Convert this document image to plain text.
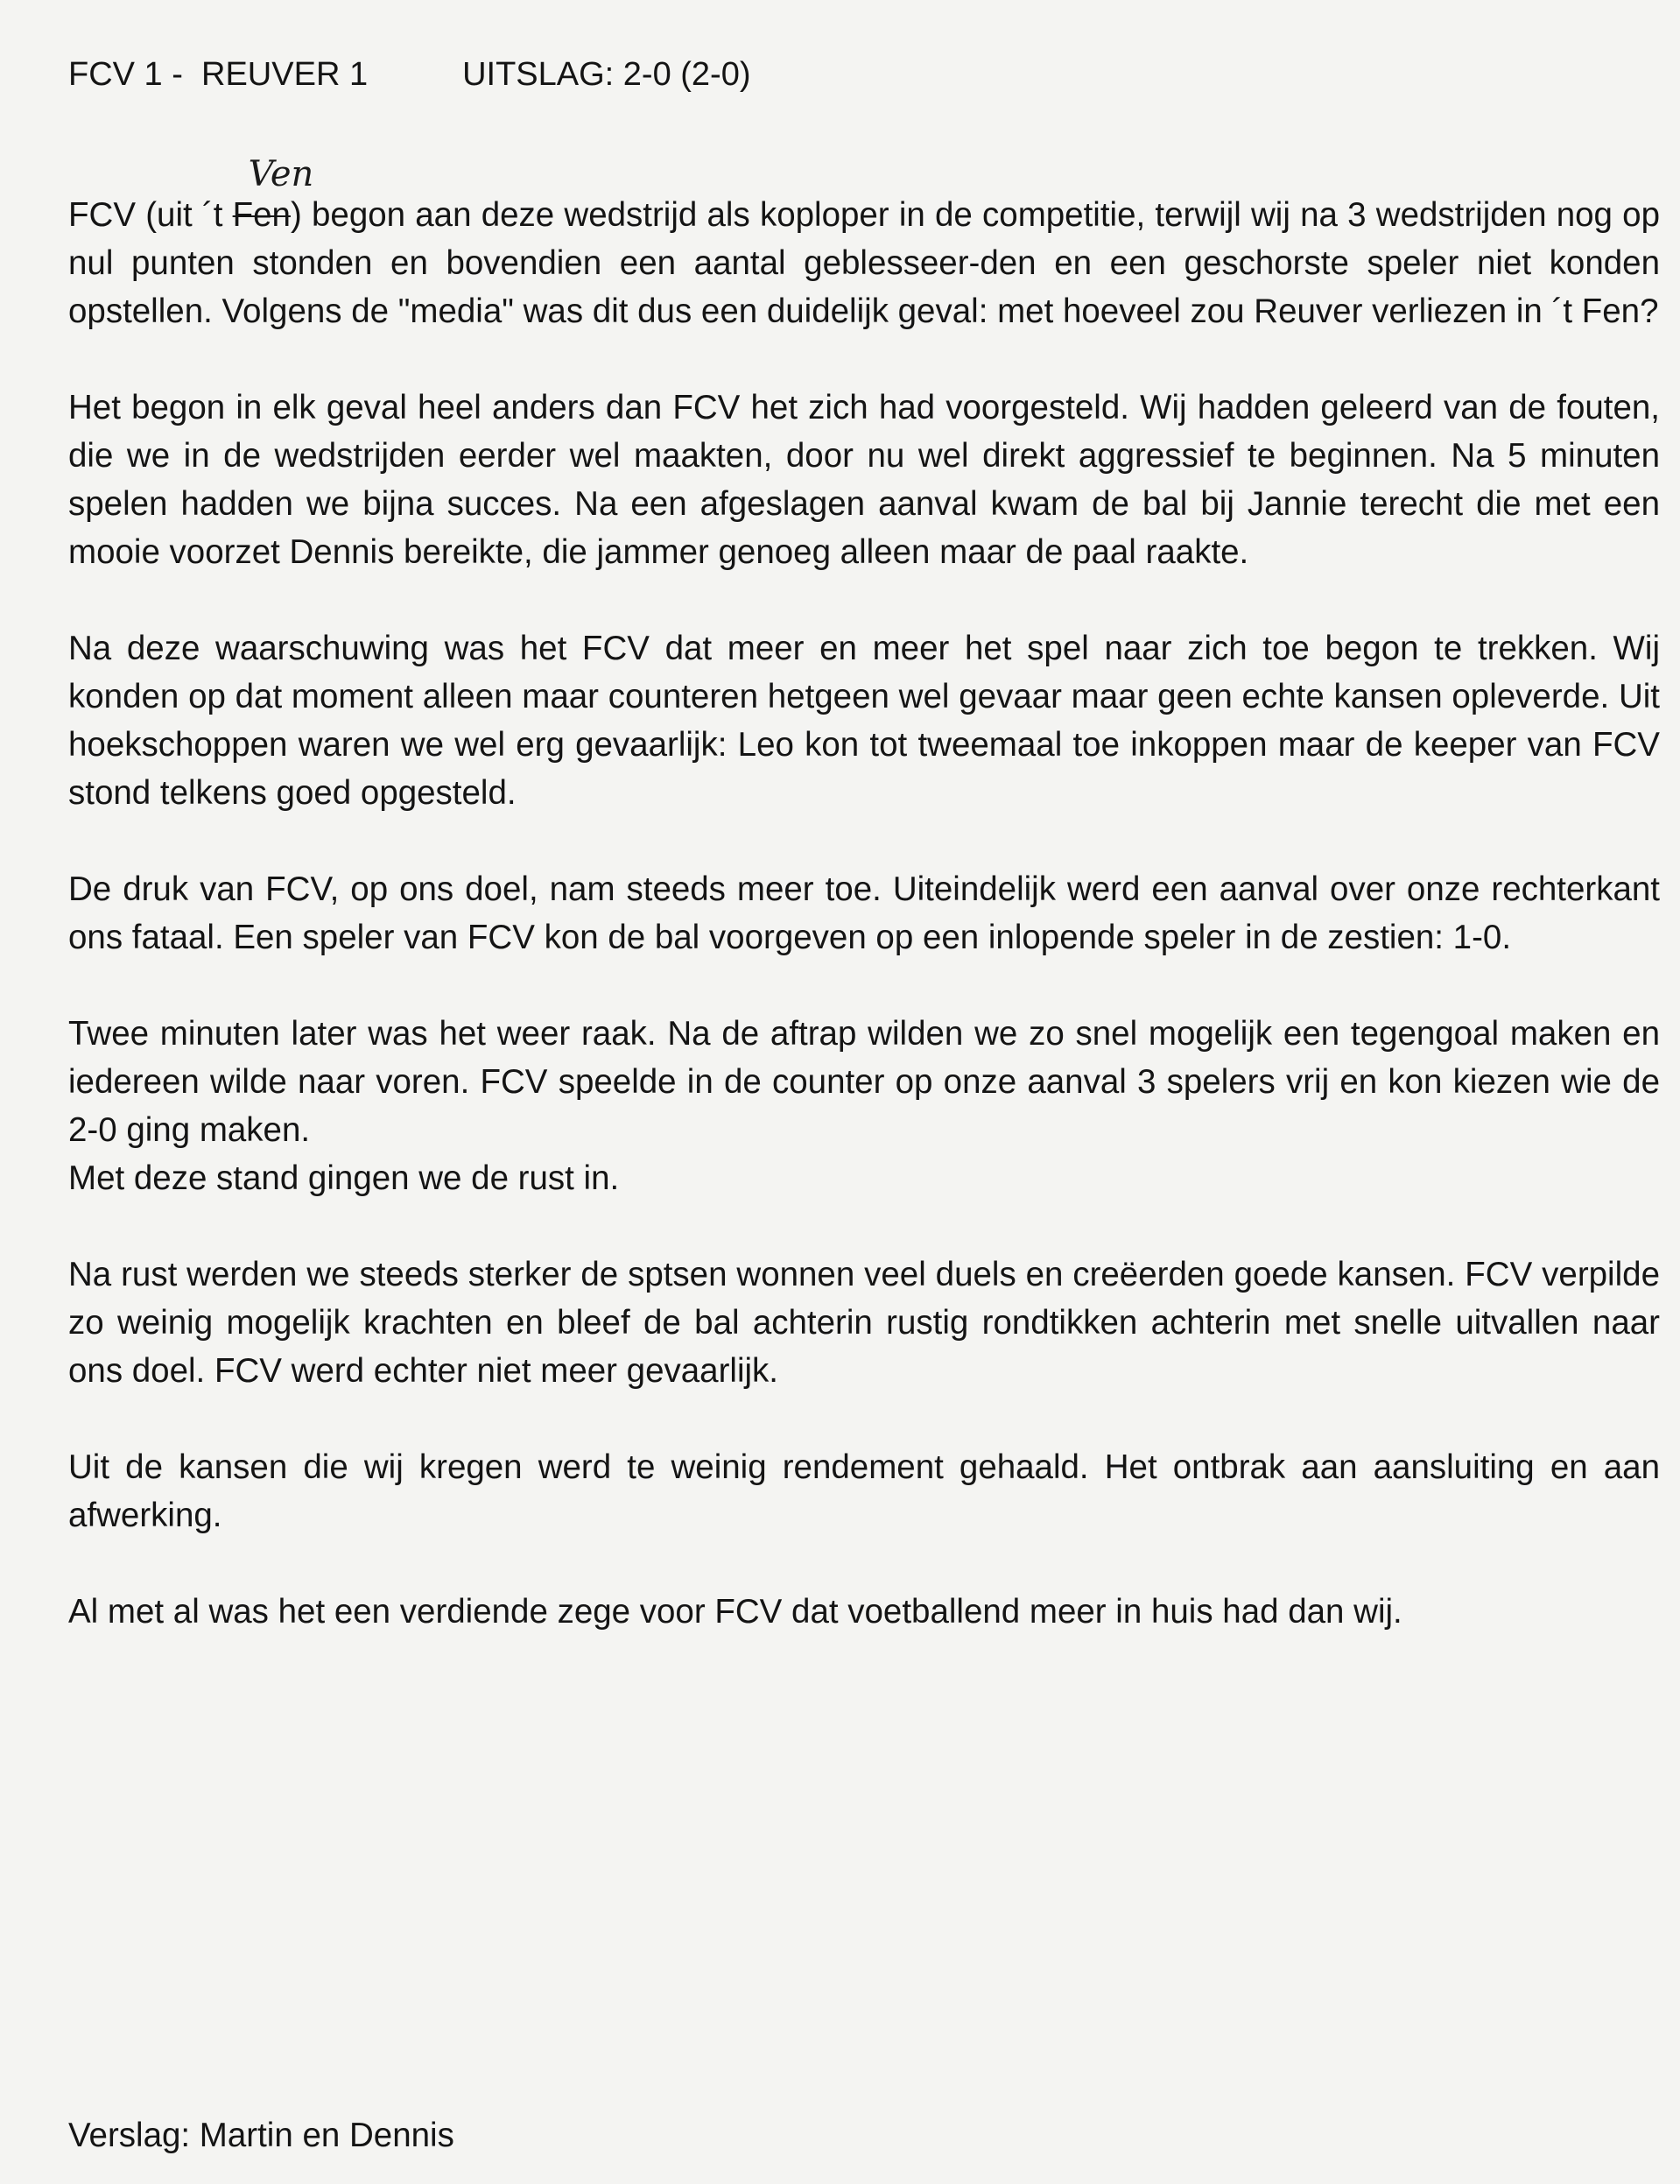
FCV 1 -  REUVER 1	UITSLAG: 2-0 (2-0)

FCV (uit ´t Fen
Ven
) begon aan deze wedstrijd als koploper in de competitie, terwijl wij na 3 wedstrijden nog op nul punten stonden en bovendien een aantal geblesseer-den en een geschorste speler niet konden opstellen. Volgens de "media" was dit dus een duidelijk geval: met hoeveel zou Reuver verliezen in ´t Fen?

Het begon in elk geval heel anders dan FCV het zich had voorgesteld. Wij hadden geleerd van de fouten, die we in de wedstrijden eerder wel maakten, door nu wel direkt aggressief te beginnen. Na 5 minuten spelen hadden we bijna succes. Na een afgeslagen aanval kwam de bal bij Jannie terecht die met een mooie voorzet Dennis bereikte, die jammer genoeg alleen maar de paal raakte.

Na deze waarschuwing was het FCV dat meer en meer het spel naar zich toe begon te trekken. Wij konden op dat moment alleen maar counteren hetgeen wel gevaar maar geen echte kansen opleverde. Uit hoekschoppen waren we wel erg gevaarlijk: Leo kon tot tweemaal toe inkoppen maar de keeper van FCV stond telkens goed opgesteld.

De druk van FCV, op ons doel, nam steeds meer toe. Uiteindelijk werd een aanval over onze rechterkant ons fataal. Een speler van FCV kon de bal voorgeven op een inlopende speler in de zestien: 1-0.

Twee minuten later was het weer raak. Na de aftrap wilden we zo snel mogelijk een tegengoal maken en iedereen wilde naar voren. FCV speelde in de counter op onze aanval 3 spelers vrij en kon kiezen wie de 2-0 ging maken.

Met deze stand gingen we de rust in.

Na rust werden we steeds sterker de sptsen wonnen veel duels en creëerden goede kansen. FCV verpilde zo weinig mogelijk krachten en bleef de bal achterin rustig rondtikken achterin met snelle uitvallen naar ons doel. FCV werd echter niet meer gevaarlijk.

Uit de kansen die wij kregen werd te weinig rendement gehaald. Het ontbrak aan aansluiting en aan afwerking.

Al met al was het een verdiende zege voor FCV dat voetballend meer in huis had dan wij.

Verslag: Martin en Dennis
